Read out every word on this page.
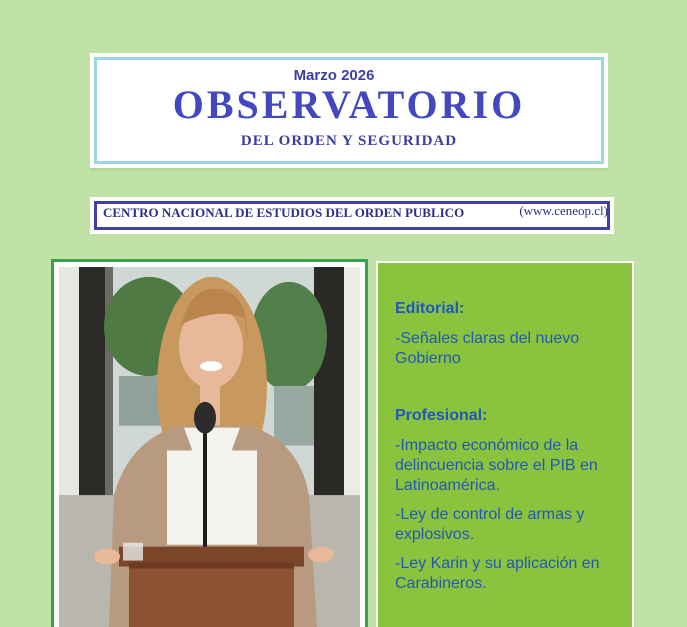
Marzo 2026
OBSERVATORIO
DEL ORDEN Y SEGURIDAD
CENTRO NACIONAL DE ESTUDIOS DEL ORDEN PUBLICO	(www.ceneop.cl)
Editorial:
-Señales claras del nuevo Gobierno
Profesional:
-Impacto económico de la delincuencia sobre el PIB en Latinoamérica.
-Ley de control de armas y explosivos.
-Ley Karin y su aplicación en Carabineros.
